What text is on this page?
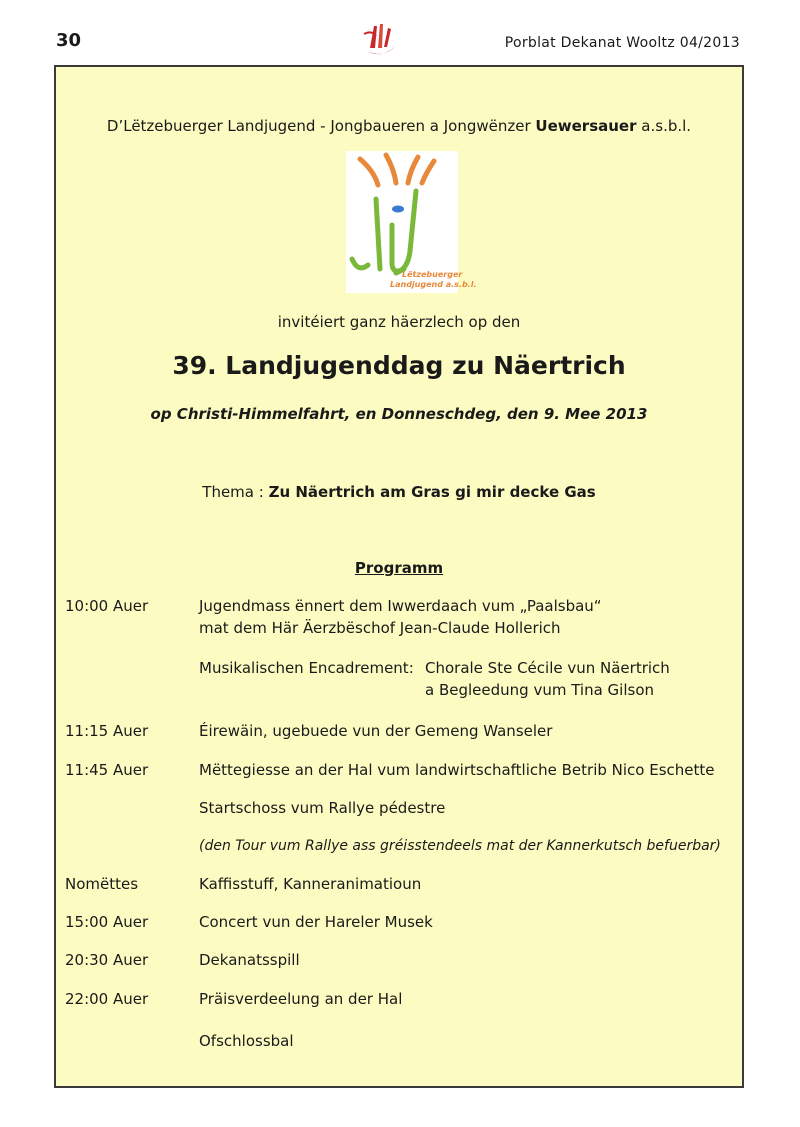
30	Porblat Dekanat Wooltz 04/2013
D’Lëtzebuerger Landjugend - Jongbaueren a Jongwënzer Uewersauer a.s.b.l.
Lëtzebuerger
Landjugend a.s.b.l.
invitéiert ganz häerzlech op den
39. Landjugenddag zu Näertrich
op Christi-Himmelfahrt, en Donneschdeg, den 9. Mee 2013
Thema : Zu Näertrich am Gras gi mir decke Gas
Programm
10:00 Auer	Jugendmass ënnert dem Iwwerdaach vum „Paalsbau“
mat dem Här Äerzbëschof Jean-Claude Hollerich
Musikalischen Encadrement: Chorale Ste Cécile vun Näertrich
a Begleedung vum Tina Gilson
11:15 Auer	Éirewäin, ugebuede vun der Gemeng Wanseler
11:45 Auer	Mëttegiesse an der Hal vum landwirtschaftliche Betrib Nico Eschette
Startschoss vum Rallye pédestre
(den Tour vum Rallye ass gréisstendeels mat der Kannerkutsch befuerbar)
Nomëttes	Kaffisstuff, Kanneranimatioun
15:00 Auer	Concert vun der Hareler Musek
20:30 Auer	Dekanatsspill
22:00 Auer	Präisverdeelung an der Hal
Ofschlossbal
